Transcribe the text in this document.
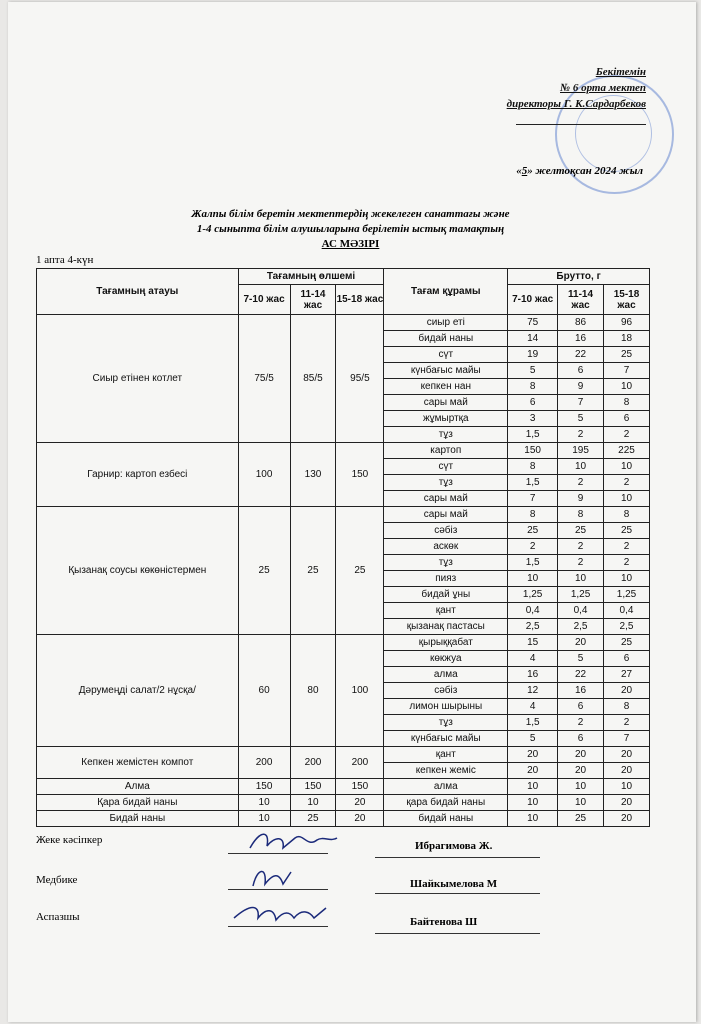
Бекітемін
№ 6 орта мектеп
директоры Г. К.Сардарбеков
«5» желтоқсан 2024 жыл
Жалпы білім беретін мектептердің жекелеген санаттағы және
1-4 сыныпта білім алушыларына берілетін ыстық тамақтың
АС МӘЗІРІ
1 апта 4-күн
Тағамның атауы	Тағамның өлшемі			Тағам құрамы	Брутто, г		
	7-10 жас	11-14 жас	15-18 жас		7-10 жас	11-14 жас	15-18 жас
Сиыр етінен котлет	75/5	85/5	95/5	сиыр еті	75	86	96
				бидай наны	14	16	18
				сүт	19	22	25
				күнбағыс майы	5	6	7
				кепкен нан	8	9	10
				сары май	6	7	8
				жұмыртқа	3	5	6
				тұз	1,5	2	2
Гарнир: картоп езбесі	100	130	150	картоп	150	195	225
				сүт	8	10	10
				тұз	1,5	2	2
				сары май	7	9	10
Қызанақ соусы көкөністермен	25	25	25	сары май	8	8	8
				сәбіз	25	25	25
				аскөк	2	2	2
				тұз	1,5	2	2
				пияз	10	10	10
				бидай ұны	1,25	1,25	1,25
				қант	0,4	0,4	0,4
				қызанақ пастасы	2,5	2,5	2,5
Дәрумеңді салат/2 нұсқа/	60	80	100	қырыққабат	15	20	25
				көкжуа	4	5	6
				алма	16	22	27
				сәбіз	12	16	20
				лимон шырыны	4	6	8
				тұз	1,5	2	2
				күнбағыс майы	5	6	7
Кепкен жемістен компот	200	200	200	қант	20	20	20
				кепкен жеміс	20	20	20
Алма	150	150	150	алма	10	10	10
Қара бидай наны	10	10	20	қара бидай наны	10	10	20
Бидай наны	10	25	20	бидай наны	10	25	20
Жеке кәсіпкер
Медбике
Аспазшы
Ибрагимова Ж.
Шайкымелова М
Байтенова Ш
